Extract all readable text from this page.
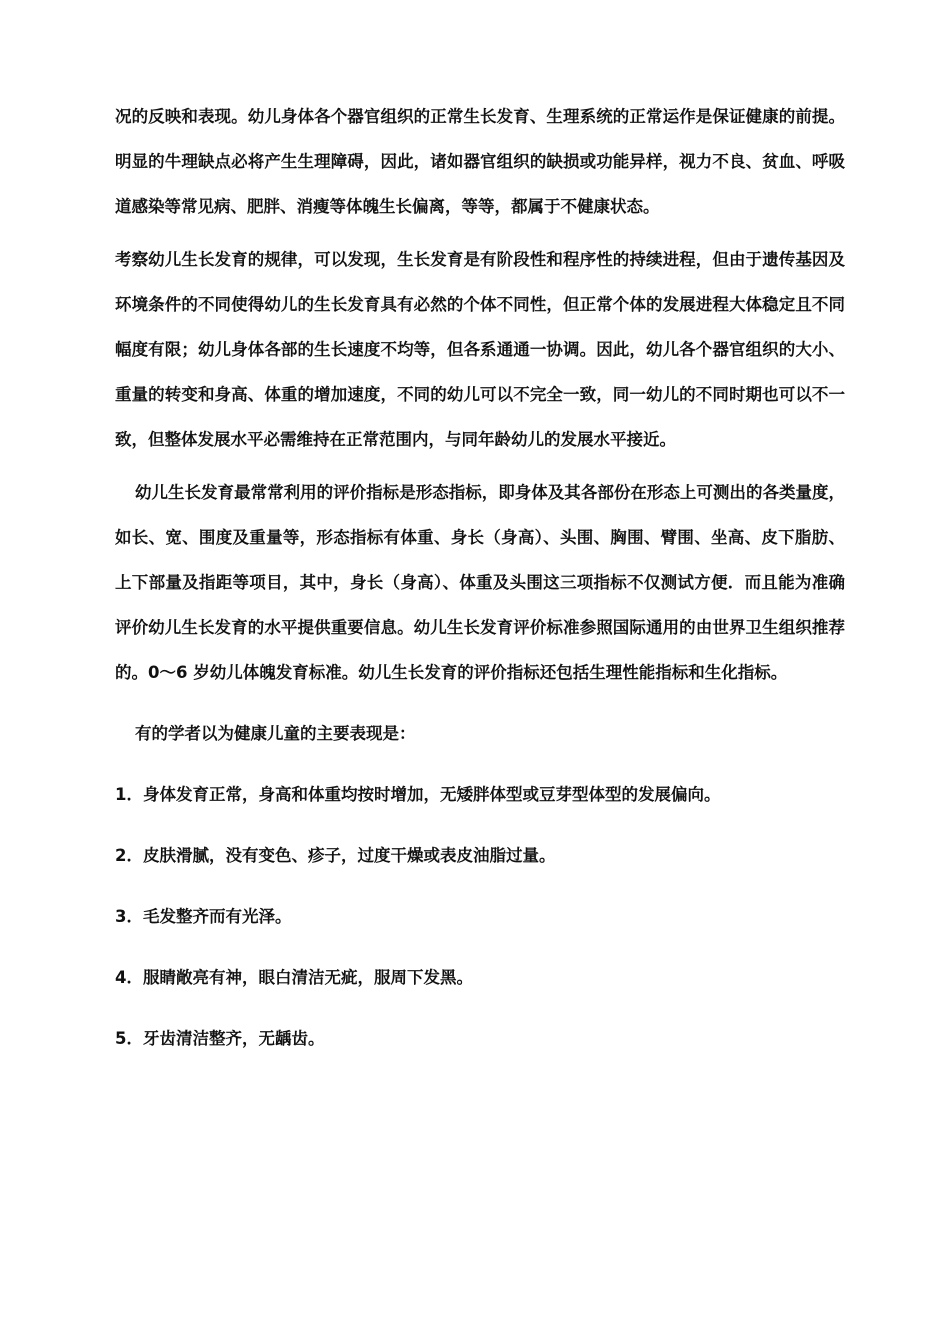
况的反映和表现。幼儿身体各个器官组织的正常生长发育、生理系统的正常运作是保证健康的前提。明显的牛理缺点必将产生生理障碍，因此，诸如器官组织的缺损或功能异样，视力不良、贫血、呼吸道感染等常见病、肥胖、消瘦等体魄生长偏离，等等，都属于不健康状态。

考察幼儿生长发育的规律，可以发现，生长发育是有阶段性和程序性的持续进程，但由于遗传基因及环境条件的不同使得幼儿的生长发育具有必然的个体不同性，但正常个体的发展进程大体稳定且不同幅度有限；幼儿身体各部的生长速度不均等，但各系通通一协调。因此，幼儿各个器官组织的大小、重量的转变和身高、体重的增加速度，不同的幼儿可以不完全一致，同一幼儿的不同时期也可以不一致，但整体发展水平必需维持在正常范围内，与同年龄幼儿的发展水平接近。

幼儿生长发育最常常利用的评价指标是形态指标，即身体及其各部份在形态上可测出的各类量度，如长、宽、围度及重量等，形态指标有体重、身长（身高）、头围、胸围、臂围、坐高、皮下脂肪、上下部量及指距等项目，其中，身长（身高）、体重及头围这三项指标不仅测试方便．而且能为准确评价幼儿生长发育的水平提供重要信息。幼儿生长发育评价标准参照国际通用的由世界卫生组织推荐的。0～6 岁幼儿体魄发育标准。幼儿生长发育的评价指标还包括生理性能指标和生化指标。

有的学者以为健康儿童的主要表现是：

1．身体发育正常，身高和体重均按时增加，无矮胖体型或豆芽型体型的发展偏向。

2．皮肤滑腻，没有变色、疹子，过度干燥或表皮油脂过量。

3．毛发整齐而有光泽。

4．服睛敞亮有神，眼白清洁无疵，服周下发黑。

5．牙齿清洁整齐，无龋齿。
